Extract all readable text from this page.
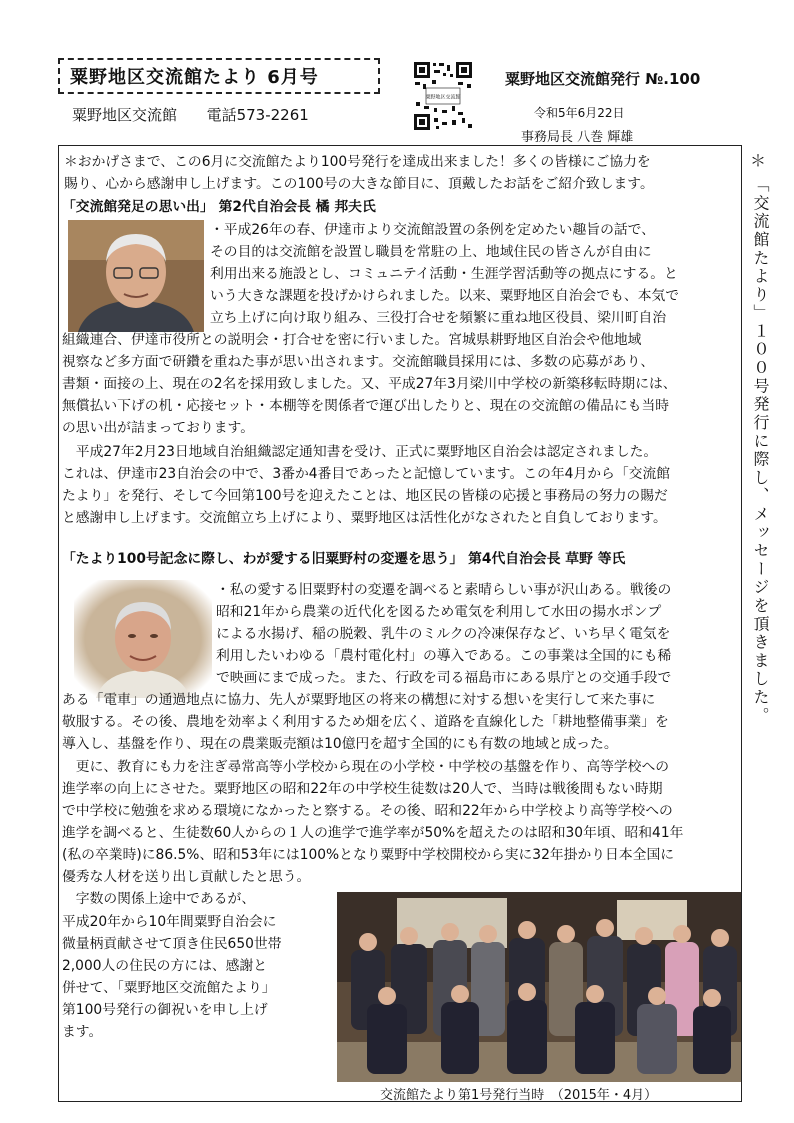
粟野地区交流館たより 6月号
粟野地区交流館 電話573-2261
粟野地区交流館
粟野地区交流館発行 №.100
令和5年6月22日
事務局長 八巻 輝雄
＊
「交流館たより」１００号発行に際し、メッセージを頂きました。
＊おかげさまで、この6月に交流館たより100号発行を達成出来ました！多くの皆様にご協力を
賜り、心から感謝申し上げます。この100号の大きな節目に、頂戴したお話をご紹介致します。
「交流館発足の思い出」 第2代自治会長 橘 邦夫氏
・平成26年の春、伊達市より交流館設置の条例を定めたい趣旨の話で、
その目的は交流館を設置し職員を常駐の上、地域住民の皆さんが自由に
利用出来る施設とし、コミュニテイ活動・生涯学習活動等の拠点にする。と
いう大きな課題を投げかけられました。以来、粟野地区自治会でも、本気で
立ち上げに向け取り組み、三役打合せを頻繁に重ね地区役員、梁川町自治
組織連合、伊達市役所との説明会・打合せを密に行いました。宮城県耕野地区自治会や他地域
視察など多方面で研鑽を重ねた事が思い出されます。交流館職員採用には、多数の応募があり、
書類・面接の上、現在の2名を採用致しました。又、平成27年3月梁川中学校の新築移転時期には、
無償払い下げの机・応接セット・本棚等を関係者で運び出したりと、現在の交流館の備品にも当時
の思い出が詰まっております。
　平成27年2月23日地域自治組織認定通知書を受け、正式に粟野地区自治会は認定されました。
これは、伊達市23自治会の中で、3番か4番目であったと記憶しています。この年4月から「交流館
たより」を発行、そして今回第100号を迎えたことは、地区民の皆様の応援と事務局の努力の賜だ
と感謝申し上げます。交流館立ち上げにより、粟野地区は活性化がなされたと自負しております。
「たより100号記念に際し、わが愛する旧粟野村の変遷を思う」 第4代自治会長 草野 等氏
・私の愛する旧粟野村の変遷を調べると素晴らしい事が沢山ある。戦後の
昭和21年から農業の近代化を図るため電気を利用して水田の揚水ポンプ
による水揚げ、稲の脱穀、乳牛のミルクの冷凍保存など、いち早く電気を
利用したいわゆる「農村電化村」の導入である。この事業は全国的にも稀
で映画にまで成った。また、行政を司る福島市にある県庁との交通手段で
ある「電車」の通過地点に協力、先人が粟野地区の将来の構想に対する想いを実行して来た事に
敬服する。その後、農地を効率よく利用するため畑を広く、道路を直線化した「耕地整備事業」を
導入し、基盤を作り、現在の農業販売額は10億円を超す全国的にも有数の地域と成った。
　更に、教育にも力を注ぎ尋常高等小学校から現在の小学校・中学校の基盤を作り、高等学校への
進学率の向上にさせた。粟野地区の昭和22年の中学校生徒数は20人で、当時は戦後間もない時期
で中学校に勉強を求める環境になかったと察する。その後、昭和22年から中学校より高等学校への
進学を調べると、生徒数60人からの１人の進学で進学率が50%を超えたのは昭和30年頃、昭和41年
(私の卒業時)に86.5%、昭和53年には100%となり粟野中学校開校から実に32年掛かり日本全国に
優秀な人材を送り出し貢献したと思う。
　字数の関係上途中であるが、
平成20年から10年間粟野自治会に
微量柄貢献させて頂き住民650世帯
2,000人の住民の方には、感謝と
併せて、「粟野地区交流館たより」
第100号発行の御祝いを申し上げ
ます。
交流館たより第1号発行当時　（2015年・4月）
